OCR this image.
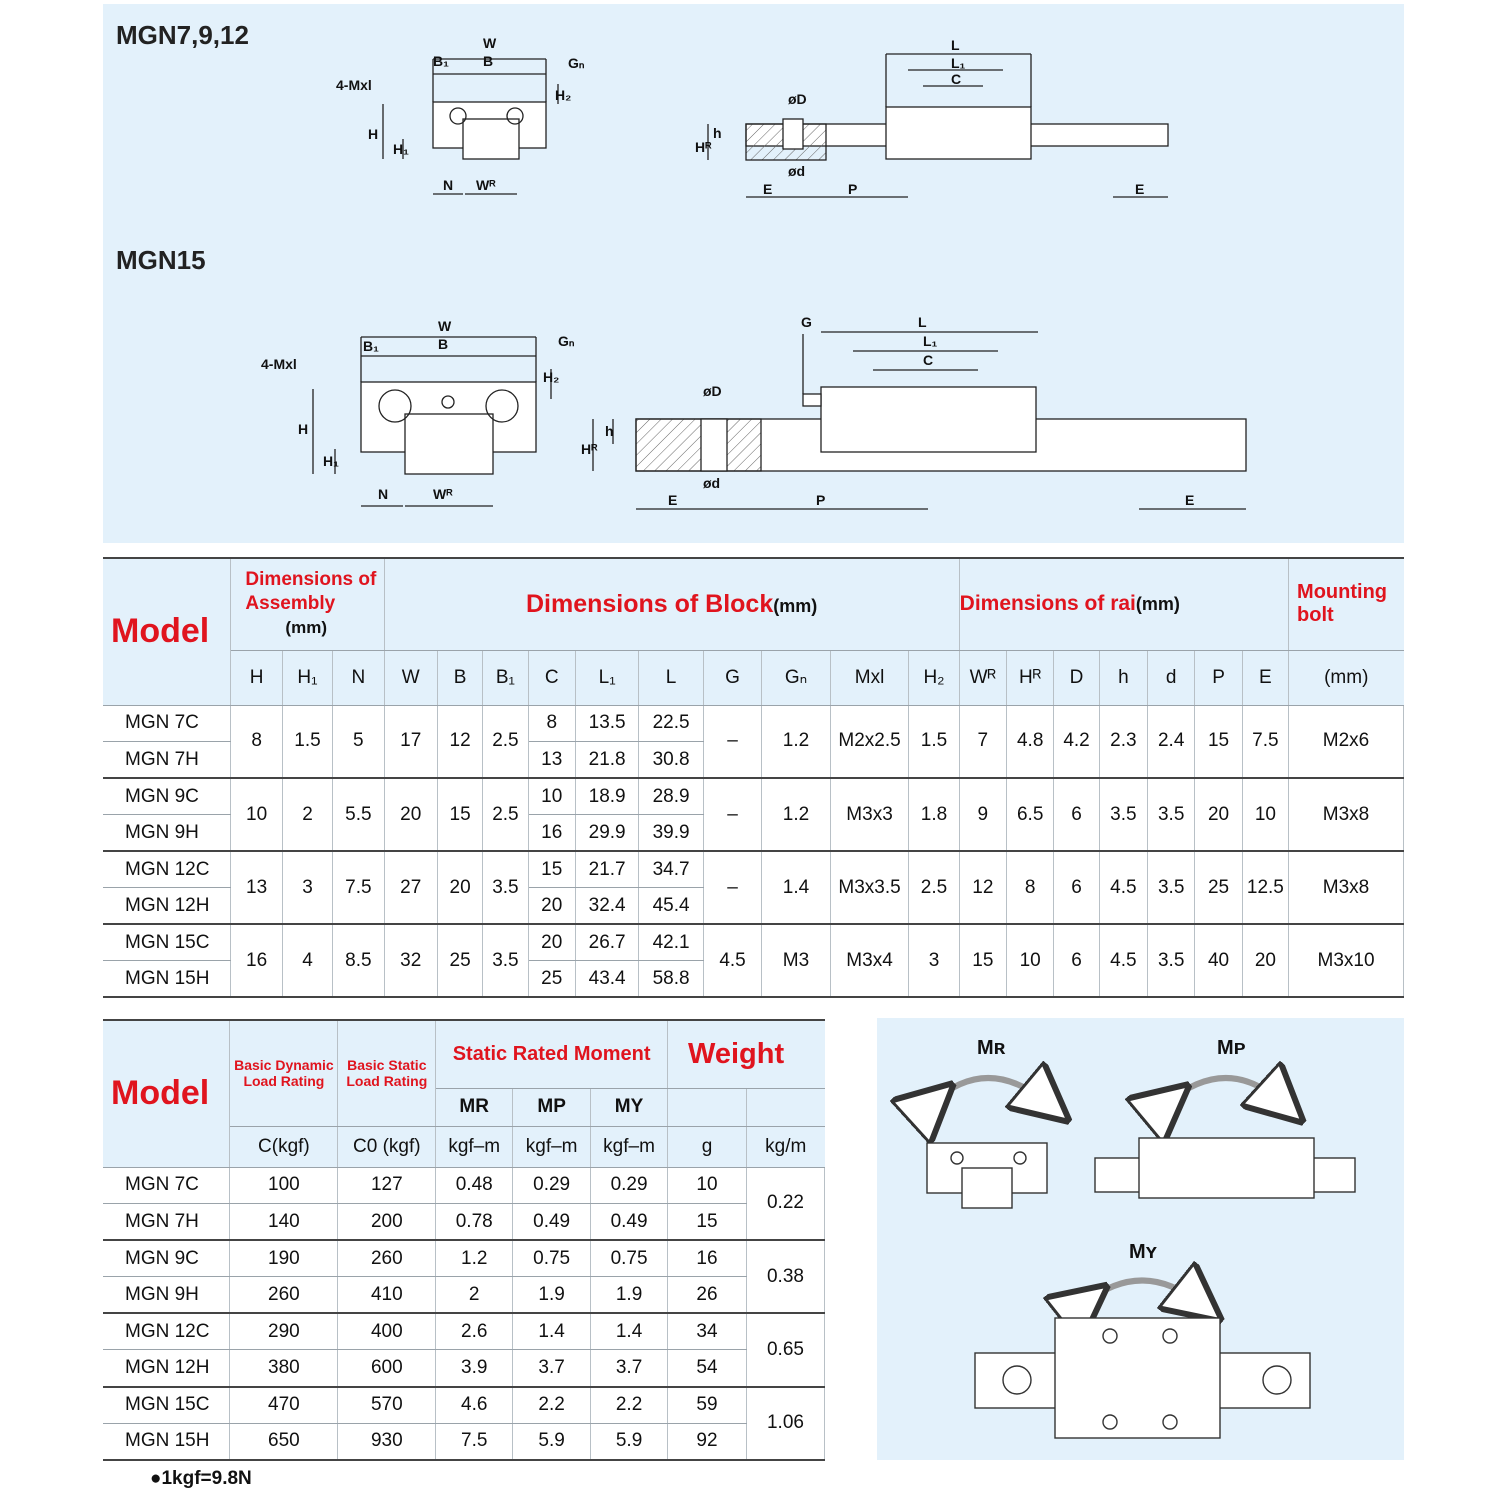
MGN7,9,12
MGN15
W
B
B₁	Gₙ
4-Mxl
H
H₁
N Wᴿ
L
L₁
C
øD
ød
E	P	E
W
B
B₁	Gₙ
4-Mxl
H
H₁
N	Wᴿ
G	L
L₁
C
øD
ød
E	P	E
Hᴿ
h
Hᴿ
h
H₂
H₂
Model	Dimensions of Assembly
(mm)			Dimensions of Block(mm)										Dimensions of rai(mm)							Mounting bolt
	H	H₁	N	W	B	B₁	C	L₁	L	G	Gₙ	Mxl	H₂	Wᴿ	Hᴿ	D	h	d	P	E	(mm)
MGN 7C	8	1.5	5	17	12	2.5	8	13.5	22.5	–	1.2	M2x2.5	1.5	7	4.8	4.2	2.3	2.4	15	7.5	M2x6
MGN 7H							13	21.8	30.8												
MGN 9C	10	2	5.5	20	15	2.5	10	18.9	28.9	–	1.2	M3x3	1.8	9	6.5	6	3.5	3.5	20	10	M3x8
MGN 9H							16	29.9	39.9												
MGN 12C	13	3	7.5	27	20	3.5	15	21.7	34.7	–	1.4	M3x3.5	2.5	12	8	6	4.5	3.5	25	12.5	M3x8
MGN 12H							20	32.4	45.4												
MGN 15C	16	4	8.5	32	25	3.5	20	26.7	42.1	4.5	M3	M3x4	3	15	10	6	4.5	3.5	40	20	M3x10
MGN 15H							25	43.4	58.8												
Model	Basic Dynamic Load Rating	Basic Static Load Rating	Static Rated Moment			Weight	
			MR	MP	MY		
	C(kgf)	C0 (kgf)	kgf–m	kgf–m	kgf–m	g	kg/m
MGN 7C	100	127	0.48	0.29	0.29	10	0.22
MGN 7H	140	200	0.78	0.49	0.49	15	
MGN 9C	190	260	1.2	0.75	0.75	16	0.38
MGN 9H	260	410	2	1.9	1.9	26	
MGN 12C	290	400	2.6	1.4	1.4	34	0.65
MGN 12H	380	600	3.9	3.7	3.7	54	
MGN 15C	470	570	4.6	2.2	2.2	59	1.06
MGN 15H	650	930	7.5	5.9	5.9	92	
Mʀ	Mᴘ
Mʏ
●1kgf=9.8N
